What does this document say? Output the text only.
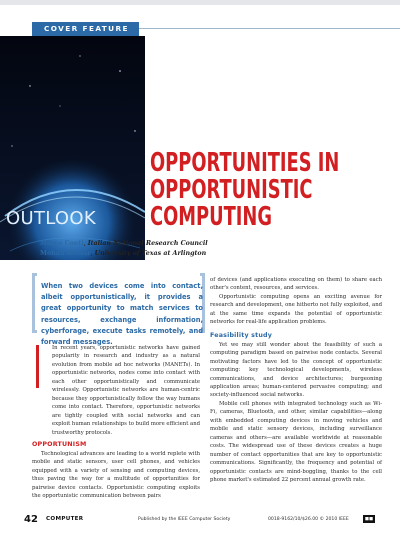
COVER FEATURE
OUTLOOK
OPPORTUNITIES IN
OPPORTUNISTIC
COMPUTING
Marco Conti, Italian National Research Council
Mohan Kumar, University of Texas at Arlington

When two devices come into contact, albeit opportunistically, it provides a great opportunity to match services to resources, exchange information, cyberforage, execute tasks remotely, and forward messages.

In recent years, opportunistic networks have gained popularity in research and industry as a natural evolution from mobile ad hoc networks (MANETs). In opportunistic networks, nodes come into contact with each other opportunistically and communicate wirelessly. Opportunistic networks are human-centric because they opportunistically follow the way humans come into contact. Therefore, opportunistic networks are tightly coupled with social networks and can exploit human relationships to build more efficient and trustworthy protocols.

OPPORTUNISM

Technological advances are leading to a world replete with mobile and static sensors, user cell phones, and vehicles equipped with a variety of sensing and computing devices, thus paving the way for a multitude of opportunities for pairwise device contacts. Opportunistic computing exploits the opportunistic communication between pairs

of devices (and applications executing on them) to share each other's content, resources, and services.

Opportunistic computing opens an exciting avenue for research and development, one hitherto not fully exploited, and at the same time expands the potential of opportunistic networks for real-life application problems.

Feasibility study

Yet we may still wonder about the feasibility of such a computing paradigm based on pairwise node contacts. Several motivating factors have led to the concept of opportunistic computing: key technological developments, wireless communications, and device architectures; burgeoning application areas; human-centered pervasive computing; and society-influenced social networks.

Mobile cell phones with integrated technology such as Wi-Fi, cameras, Bluetooth, and other, similar capabilities—along with embedded computing devices in moving vehicles and mobile and static sensory devices, including surveillance cameras and others—are available worldwide at reasonable costs. The widespread use of these devices creates a huge number of contact opportunities that are key to opportunistic communications. Significantly, the frequency and potential of opportunistic contacts are mind-boggling, thanks to the cell phone market's estimated 22 percent annual growth rate.

42 COMPUTER	Published by the IEEE Computer Society	0018-9162/10/$26.00 © 2010 IEEE	◼◼
